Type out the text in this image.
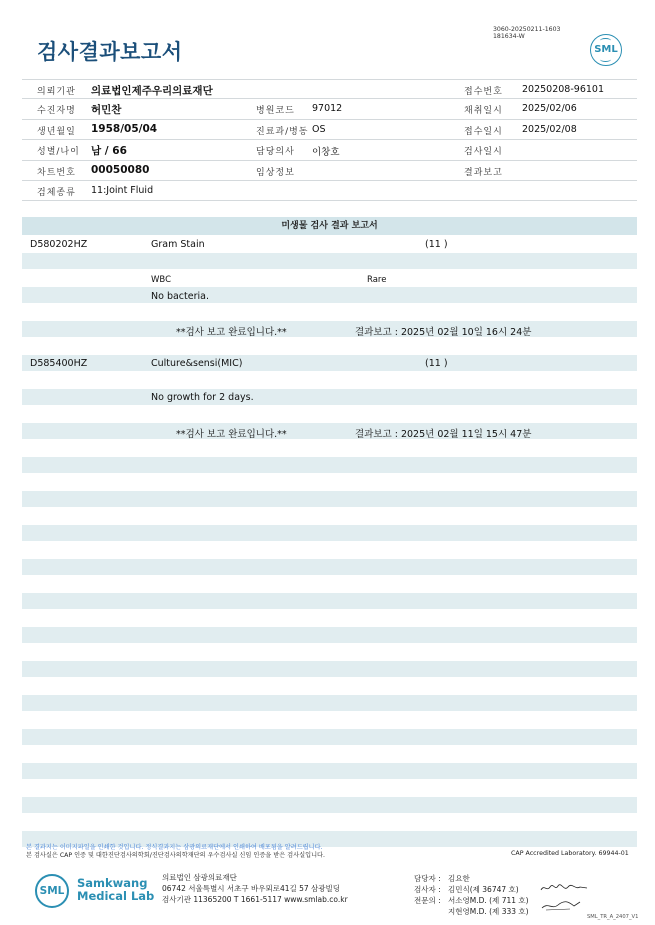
3060-20250211-1603
181634-W
검사결과보고서	SML
의뢰기관 의료법인제주우리의료재단	접수번호 20250208-96101
수진자명 허민찬	병원코드 97012	채취일시 2025/02/06
생년월일 1958/05/04	진료과/병동 OS	접수일시 2025/02/08
성별/나이 남 / 66	담당의사 이창호	검사일시
차트번호 00050080	임상정보	결과보고
검체종류 11:Joint Fluid
미생물 검사 결과 보고서
D580202HZ	Gram Stain	(11 )
WBC	Rare
No bacteria.
**검사 보고 완료입니다.**	결과보고 : 2025년 02월 10일 16시 24분
D585400HZ	Culture&sensi(MIC)	(11 )
No growth for 2 days.
**검사 보고 완료입니다.**	결과보고 : 2025년 02월 11일 15시 47분
본 결과지는 이미지파일을 인쇄한 것입니다. 정식결과지는 삼광의료재단에서 인쇄하여 배포됨을 알려드립니다.
본 검사실은 CAP 인증 및 대한진단검사의학회/진단검사의학재단의 우수검사실 신임 인증을 받은 검사실입니다.	CAP Accredited Laboratory. 69944-01
SML
Samkwang
Medical Lab
의료법인 삼광의료재단
06742 서울특별시 서초구 바우뫼로41길 57 삼광빌딩
검사기관 11365200 T 1661-5117 www.smlab.co.kr
담당자 : 김요한
검사자 : 김민식(제 36747 호)
전문의 : 서소영M.D. (제 711 호)
지현영M.D. (제 333 호)
SML_TR_A_2407_V1
